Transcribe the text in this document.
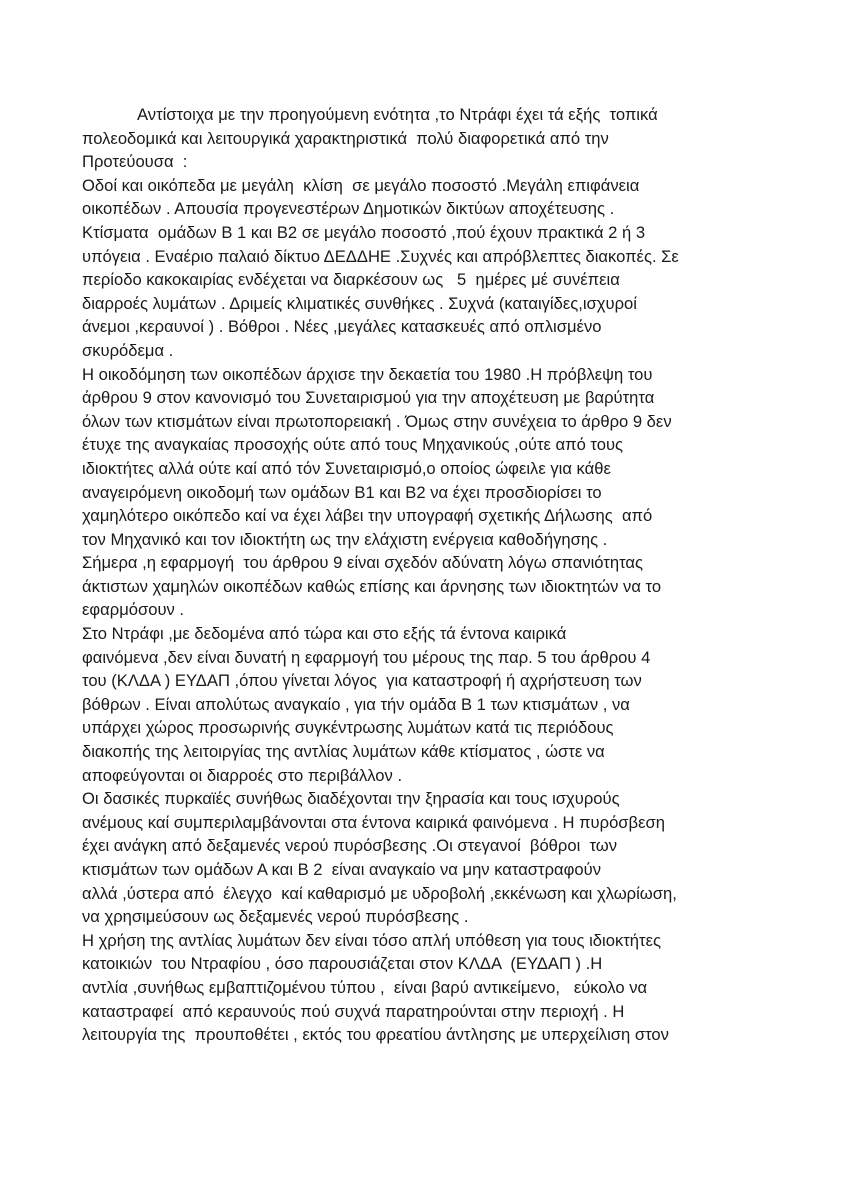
Αντίστοιχα με την προηγούμενη ενότητα ,το Ντράφι έχει τά εξής  τοπικά
πολεοδομικά και λειτουργικά χαρακτηριστικά  πολύ διαφορετικά από την
Προτεύουσα  :
Οδοί και οικόπεδα με μεγάλη  κλίση  σε μεγάλο ποσοστό .Μεγάλη επιφάνεια
οικοπέδων . Απουσία προγενεστέρων Δημοτικών δικτύων αποχέτευσης .
Κτίσματα  ομάδων Β 1 και Β2 σε μεγάλο ποσοστό ,πού έχουν πρακτικά 2 ή 3
υπόγεια . Εναέριο παλαιό δίκτυο ΔΕΔΔΗΕ .Συχνές και απρόβλεπτες διακοπές. Σε
περίοδο κακοκαιρίας ενδέχεται να διαρκέσουν ως   5  ημέρες μέ συνέπεια
διαρροές λυμάτων . Δριμείς κλιματικές συνθήκες . Συχνά (καταιγίδες,ισχυροί
άνεμοι ,κεραυνοί ) . Βόθροι . Νέες ,μεγάλες κατασκευές από οπλισμένο
σκυρόδεμα .
Η οικοδόμηση των οικοπέδων άρχισε την δεκαετία του 1980 .Η πρόβλεψη του
άρθρου 9 στον κανονισμό του Συνεταιρισμού για την αποχέτευση με βαρύτητα
όλων των κτισμάτων είναι πρωτοπορειακή . Όμως στην συνέχεια το άρθρο 9 δεν
έτυχε της αναγκαίας προσοχής ούτε από τους Μηχανικούς ,ούτε από τους
ιδιοκτήτες αλλά ούτε καί από τόν Συνεταιρισμό,ο οποίος ώφειλε για κάθε
αναγειρόμενη οικοδομή των ομάδων Β1 και Β2 να έχει προσδιορίσει το
χαμηλότερο οικόπεδο καί να έχει λάβει την υπογραφή σχετικής Δήλωσης  από
τον Μηχανικό και τον ιδιοκτήτη ως την ελάχιστη ενέργεια καθοδήγησης .
Σήμερα ,η εφαρμογή  του άρθρου 9 είναι σχεδόν αδύνατη λόγω σπανιότητας
άκτιστων χαμηλών οικοπέδων καθώς επίσης και άρνησης των ιδιοκτητών να το
εφαρμόσουν .
Στο Ντράφι ,με δεδομένα από τώρα και στο εξής τά έντονα καιρικά
φαινόμενα ,δεν είναι δυνατή η εφαρμογή του μέρους της παρ. 5 του άρθρου 4
του (ΚΛΔΑ ) ΕΥΔΑΠ ,όπου γίνεται λόγος  για καταστροφή ή αχρήστευση των
βόθρων . Είναι απολύτως αναγκαίο , για τήν ομάδα Β 1 των κτισμάτων , να
υπάρχει χώρος προσωρινής συγκέντρωσης λυμάτων κατά τις περιόδους
διακοπής της λειτοιργίας της αντλίας λυμάτων κάθε κτίσματος , ώστε να
αποφεύγονται οι διαρροές στο περιβάλλον .
Οι δασικές πυρκαϊές συνήθως διαδέχονται την ξηρασία και τους ισχυρούς
ανέμους καί συμπεριλαμβάνονται στα έντονα καιρικά φαινόμενα . Η πυρόσβεση
έχει ανάγκη από δεξαμενές νερού πυρόσβεσης .Οι στεγανοί  βόθροι  των
κτισμάτων των ομάδων Α και Β 2  είναι αναγκαίο να μην καταστραφούν
αλλά ,ύστερα από  έλεγχο  καί καθαρισμό με υδροβολή ,εκκένωση και χλωρίωση,
να χρησιμεύσουν ως δεξαμενές νερού πυρόσβεσης .
Η χρήση της αντλίας λυμάτων δεν είναι τόσο απλή υπόθεση για τους ιδιοκτήτες
κατοικιών  του Ντραφίου , όσο παρουσιάζεται στον ΚΛΔΑ  (ΕΥΔΑΠ ) .Η
αντλία ,συνήθως εμβαπτιζομένου τύπου ,  είναι βαρύ αντικείμενο,   εύκολο να
καταστραφεί  από κεραυνούς πού συχνά παρατηρούνται στην περιοχή . Η
λειτουργία της  προυποθέτει , εκτός του φρεατίου άντλησης με υπερχείλιση στον
